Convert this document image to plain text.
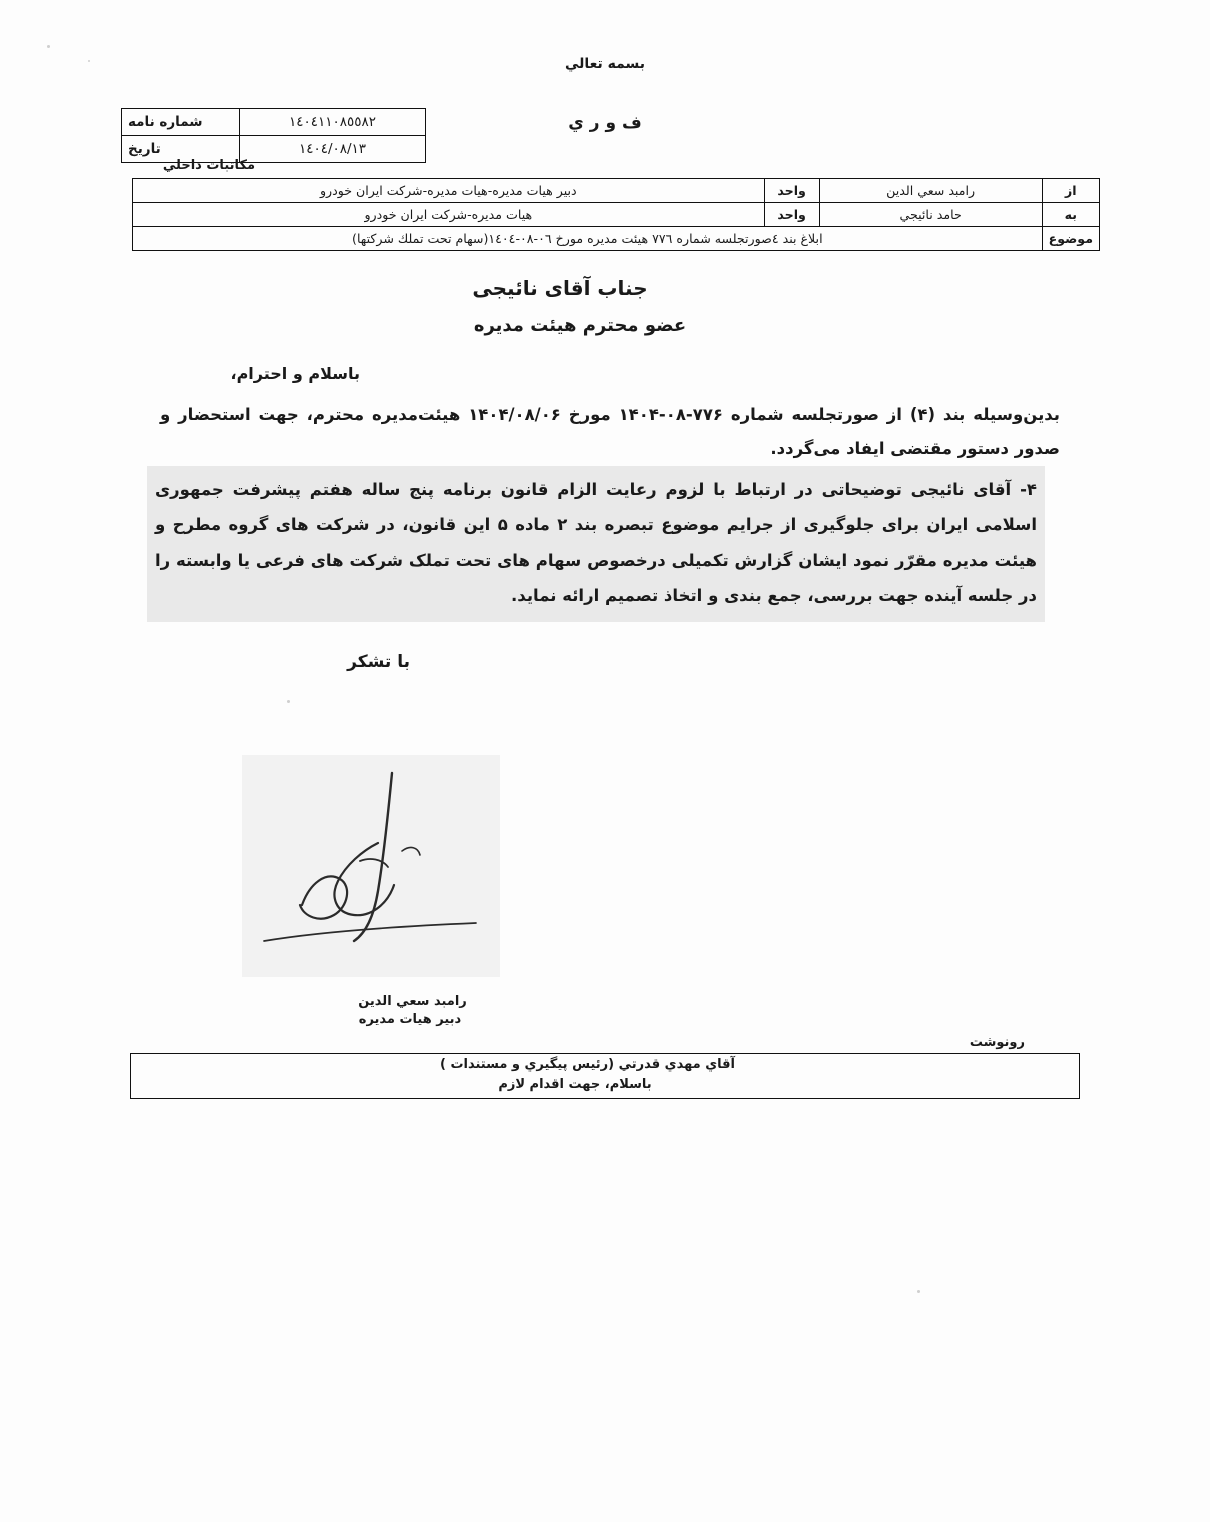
بسمه تعالي
ف و ر ي
١٤٠٤١١٠٨٥٥٨٢	شماره نامه
١٤٠٤/٠٨/١٣	تاريخ
مكاتبات داخلي
از	رامبد سعي الدين	واحد	دبير هيات مديره-هيات مديره-شركت ايران خودرو
به	حامد نائيجي	واحد	هيات مديره-شركت ايران خودرو
موضوع	ابلاغ بند ٤صورتجلسه شماره ٧٧٦ هيئت مديره مورخ ٠٦-٠٨-١٤٠٤(سهام تحت تملك شركتها)		
جناب آقای نائیجی
عضو محترم هیئت مدیره
باسلام و احترام،
بدین‌وسیله بند (۴) از صورتجلسه شماره ۷۷۶-۰۸-۱۴۰۴ مورخ ۱۴۰۴/۰۸/۰۶ هیئت‌مدیره محترم، جهت استحضار و صدور دستور مقتضی ایفاد می‌گردد.
۴- آقای نائیجی توضیحاتی در ارتباط با لزوم رعایت الزام قانون برنامه پنج ساله هفتم پیشرفت جمهوری اسلامی ایران برای جلوگیری از جرایم موضوع تبصره بند ۲ ماده ۵ این قانون، در شرکت های گروه مطرح و هیئت مدیره مقرّر نمود ایشان گزارش تکمیلی درخصوص سهام های تحت تملک شرکت های فرعی یا وابسته را در جلسه آینده جهت بررسی، جمع بندی و اتخاذ تصمیم ارائه نماید.
با تشکر
رامبد سعي الدين
دبير هيات مديره
رونوشت
آقاي مهدي قدرتي (رئيس پيگيري و مستندات )
باسلام، جهت اقدام لازم
